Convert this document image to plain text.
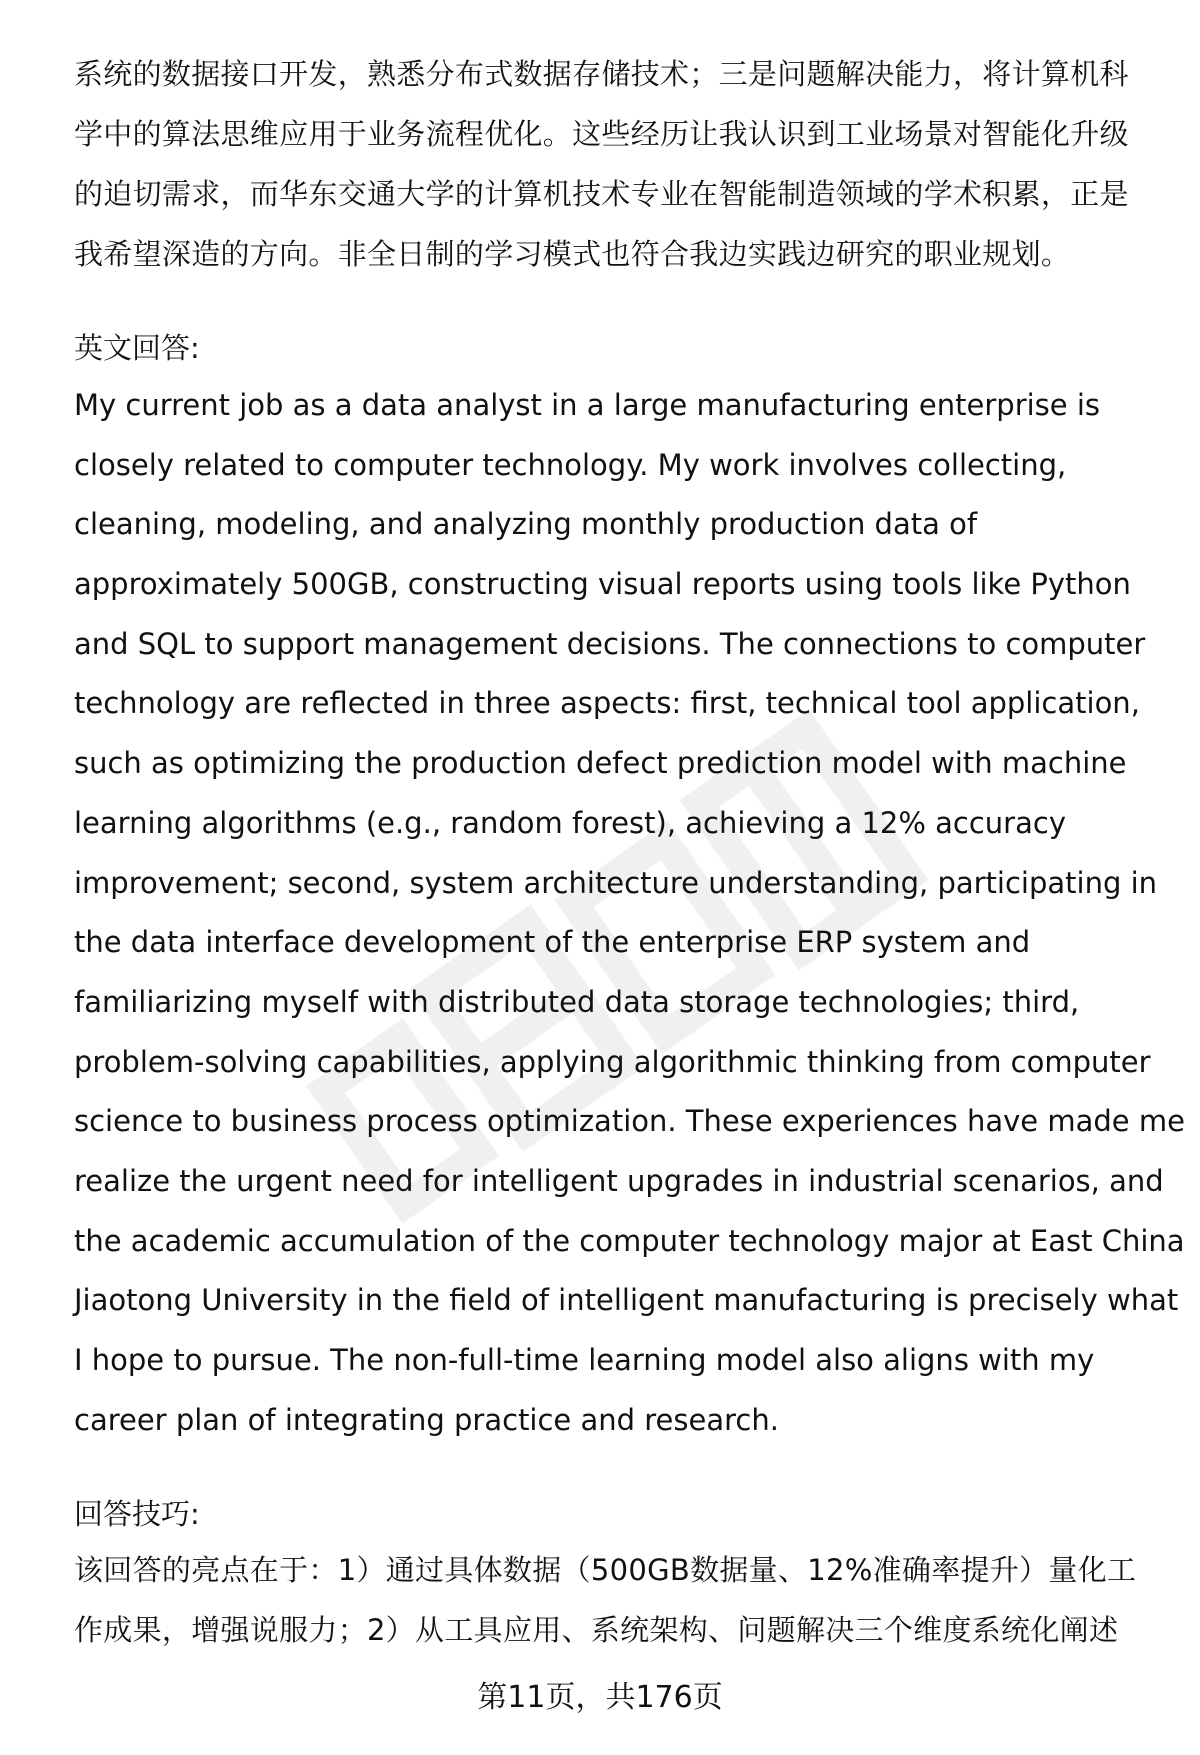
系统的数据接口开发，熟悉分布式数据存储技术；三是问题解决能力，将计算机科
学中的算法思维应用于业务流程优化。这些经历让我认识到工业场景对智能化升级
的迫切需求，而华东交通大学的计算机技术专业在智能制造领域的学术积累，正是
我希望深造的方向。非全日制的学习模式也符合我边实践边研究的职业规划。

英文回答:

My current job as a data analyst in a large manufacturing enterprise is
closely related to computer technology. My work involves collecting,
cleaning, modeling, and analyzing monthly production data of
approximately 500GB, constructing visual reports using tools like Python
and SQL to support management decisions. The connections to computer
technology are reflected in three aspects: first, technical tool application,
such as optimizing the production defect prediction model with machine
learning algorithms (e.g., random forest), achieving a 12% accuracy
improvement; second, system architecture understanding, participating in
the data interface development of the enterprise ERP system and
familiarizing myself with distributed data storage technologies; third,
problem-solving capabilities, applying algorithmic thinking from computer
science to business process optimization. These experiences have made me
realize the urgent need for intelligent upgrades in industrial scenarios, and
the academic accumulation of the computer technology major at East China
Jiaotong University in the field of intelligent manufacturing is precisely what
I hope to pursue. The non-full-time learning model also aligns with my
career plan of integrating practice and research.

回答技巧:

该回答的亮点在于：1）通过具体数据（500GB数据量、12%准确率提升）量化工
作成果，增强说服力；2）从工具应用、系统架构、问题解决三个维度系统化阐述
第11页，共176页
